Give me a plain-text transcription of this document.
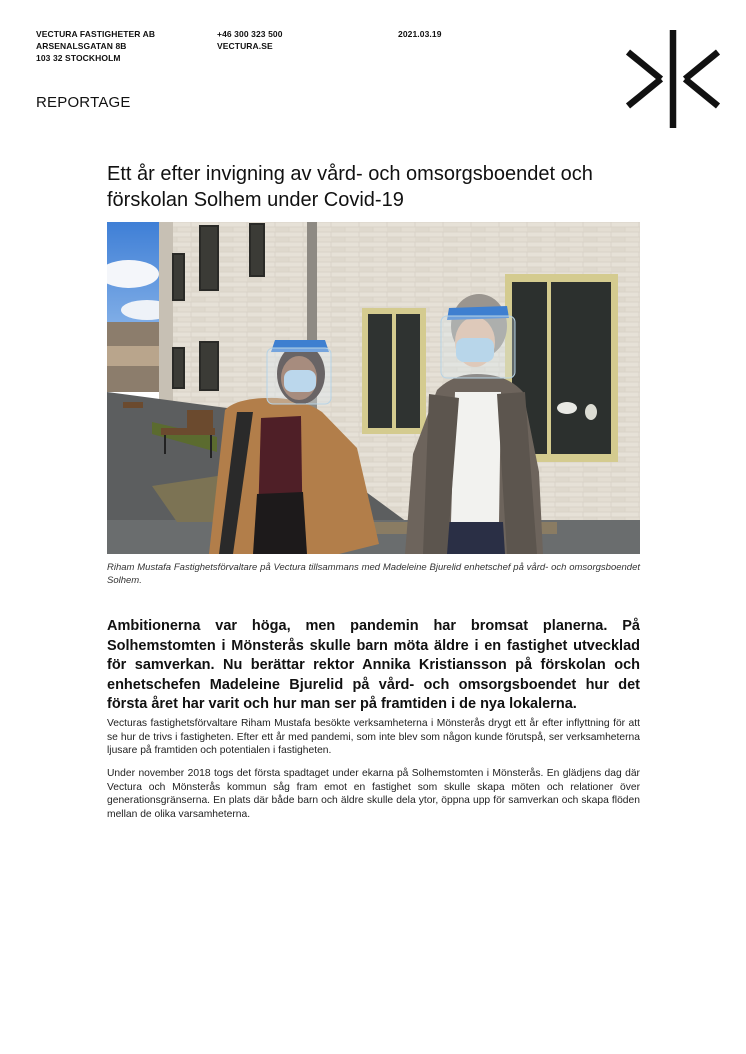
VECTURA FASTIGHETER AB
ARSENALSGATAN 8B
103 32 STOCKHOLM
+46 300 323 500
VECTURA.SE
2021.03.19
REPORTAGE
Ett år efter invigning av vård- och omsorgsboendet och förskolan Solhem under Covid-19
Riham Mustafa Fastighetsförvaltare på Vectura tillsammans med Madeleine Bjurelid enhetschef på vård- och omsorgsboendet Solhem.
Ambitionerna var höga, men pandemin har bromsat planerna. På Solhemstomten i Mönsterås skulle barn möta äldre i en fastighet utvecklad för samverkan. Nu berättar rektor Annika Kristiansson på förskolan och enhetschefen Madeleine Bjurelid på vård- och omsorgsboendet hur det första året har varit och hur man ser på framtiden i de nya lokalerna.

Vecturas fastighetsförvaltare Riham Mustafa besökte verksamheterna i Mönsterås drygt ett år efter inflyttning för att se hur de trivs i fastigheten. Efter ett år med pandemi, som inte blev som någon kunde förutspå, ser verksamheterna ljusare på framtiden och potentialen i fastigheten.

Under november 2018 togs det första spadtaget under ekarna på Solhemstomten i Mönsterås. En glädjens dag där Vectura och Mönsterås kommun såg fram emot en fastighet som skulle skapa möten och relationer över generationsgränserna. En plats där både barn och äldre skulle dela ytor, öppna upp för samverkan och skapa flöden mellan de olika varsamheterna.
